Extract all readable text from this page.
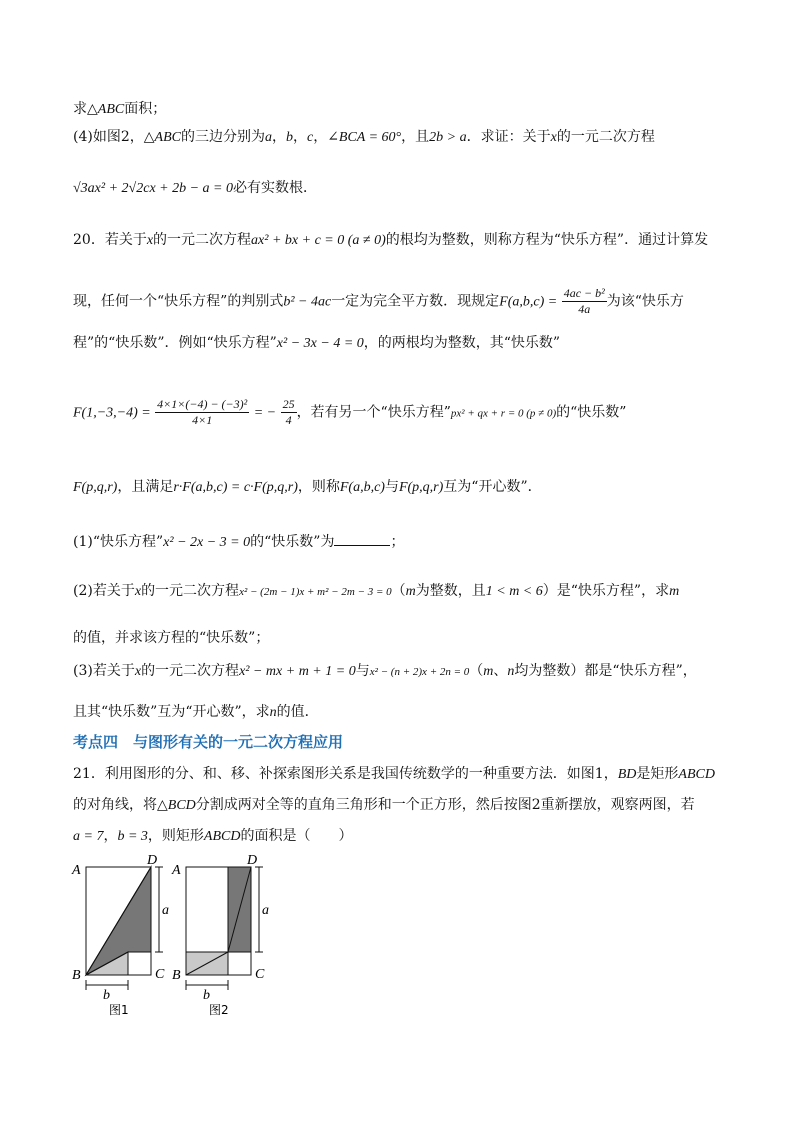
求△ABC面积；
(4)如图2，△ABC的三边分别为a，b，c，∠BCA = 60°，且2b > a．求证：关于x的一元二次方程
√3ax² + 2√2cx + 2b − a = 0必有实数根．
20．若关于x的一元二次方程ax² + bx + c = 0 (a ≠ 0)的根均为整数，则称方程为“快乐方程”．通过计算发
现，任何一个“快乐方程”的判别式b² − 4ac一定为完全平方数．现规定$F(a,b,c) = \frac{\text{4ac − b²}}{4a}$ 为该“快乐方
程”的“快乐数”．例如“快乐方程”x² − 3x − 4 = 0，的两根均为整数，其“快乐数”
$F(1,-3,-4) = \frac{\text{4×1×(−4) − (−3)²}}{4\times 1}$ = − $\frac{25}{4}$ ，若有另一个“快乐方程”px² + qx + r = 0 (p ≠ 0)的“快乐数”
F(p,q,r)，且满足r·F(a,b,c) = c·F(p,q,r)，则称F(a,b,c)与F(p,q,r)互为“开心数”．
(1)“快乐方程”x² − 2x − 3 = 0的“快乐数”为	；
(2)若关于x的一元二次方程x² − (2m − 1)x + m² − 2m − 3 = 0（m为整数，且1 < m < 6）是“快乐方程”，求m
的值，并求该方程的“快乐数”；
(3)若关于x的一元二次方程x² − mx + m + 1 = 0与x² − (n + 2)x + 2n = 0（m、n均为整数）都是“快乐方程”，
且其“快乐数”互为“开心数”，求n的值．
考点四　与图形有关的一元二次方程应用
21．利用图形的分、和、移、补探索图形关系是我国传统数学的一种重要方法．如图1，BD是矩形ABCD
的对角线，将△BCD分割成两对全等的直角三角形和一个正方形，然后按图2重新摆放，观察两图，若
a = 7，b = 3，则矩形ABCD的面积是（　　）
A
B	C
D
a
b
图1
A
B	C
D
a
b
图2
